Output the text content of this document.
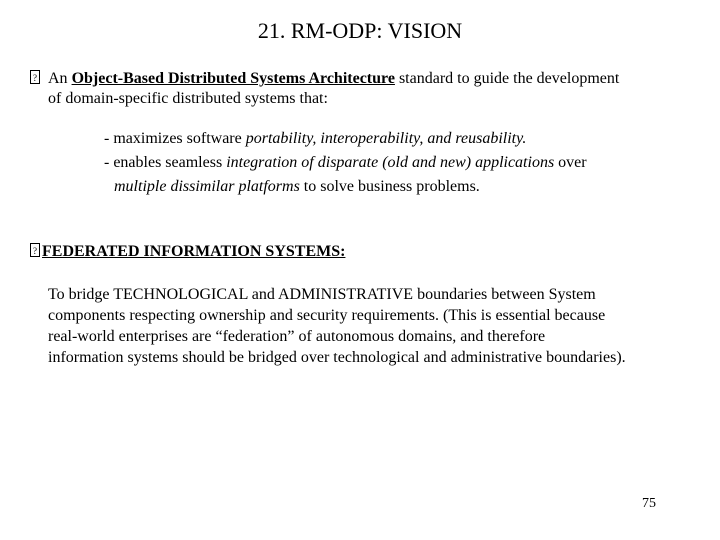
21. RM-ODP: VISION
? An Object-Based Distributed Systems Architecture standard to guide the development
of domain-specific distributed systems that:
- maximizes software portability, interoperability, and reusability.
- enables seamless integration of disparate (old and new) applications over
multiple dissimilar platforms to solve business problems.
? FEDERATED INFORMATION SYSTEMS:
To bridge TECHNOLOGICAL and ADMINISTRATIVE boundaries between System
components respecting ownership and security requirements. (This is essential because
real-world enterprises are “federation” of autonomous domains, and therefore
information systems should be bridged over technological and administrative boundaries).
75
